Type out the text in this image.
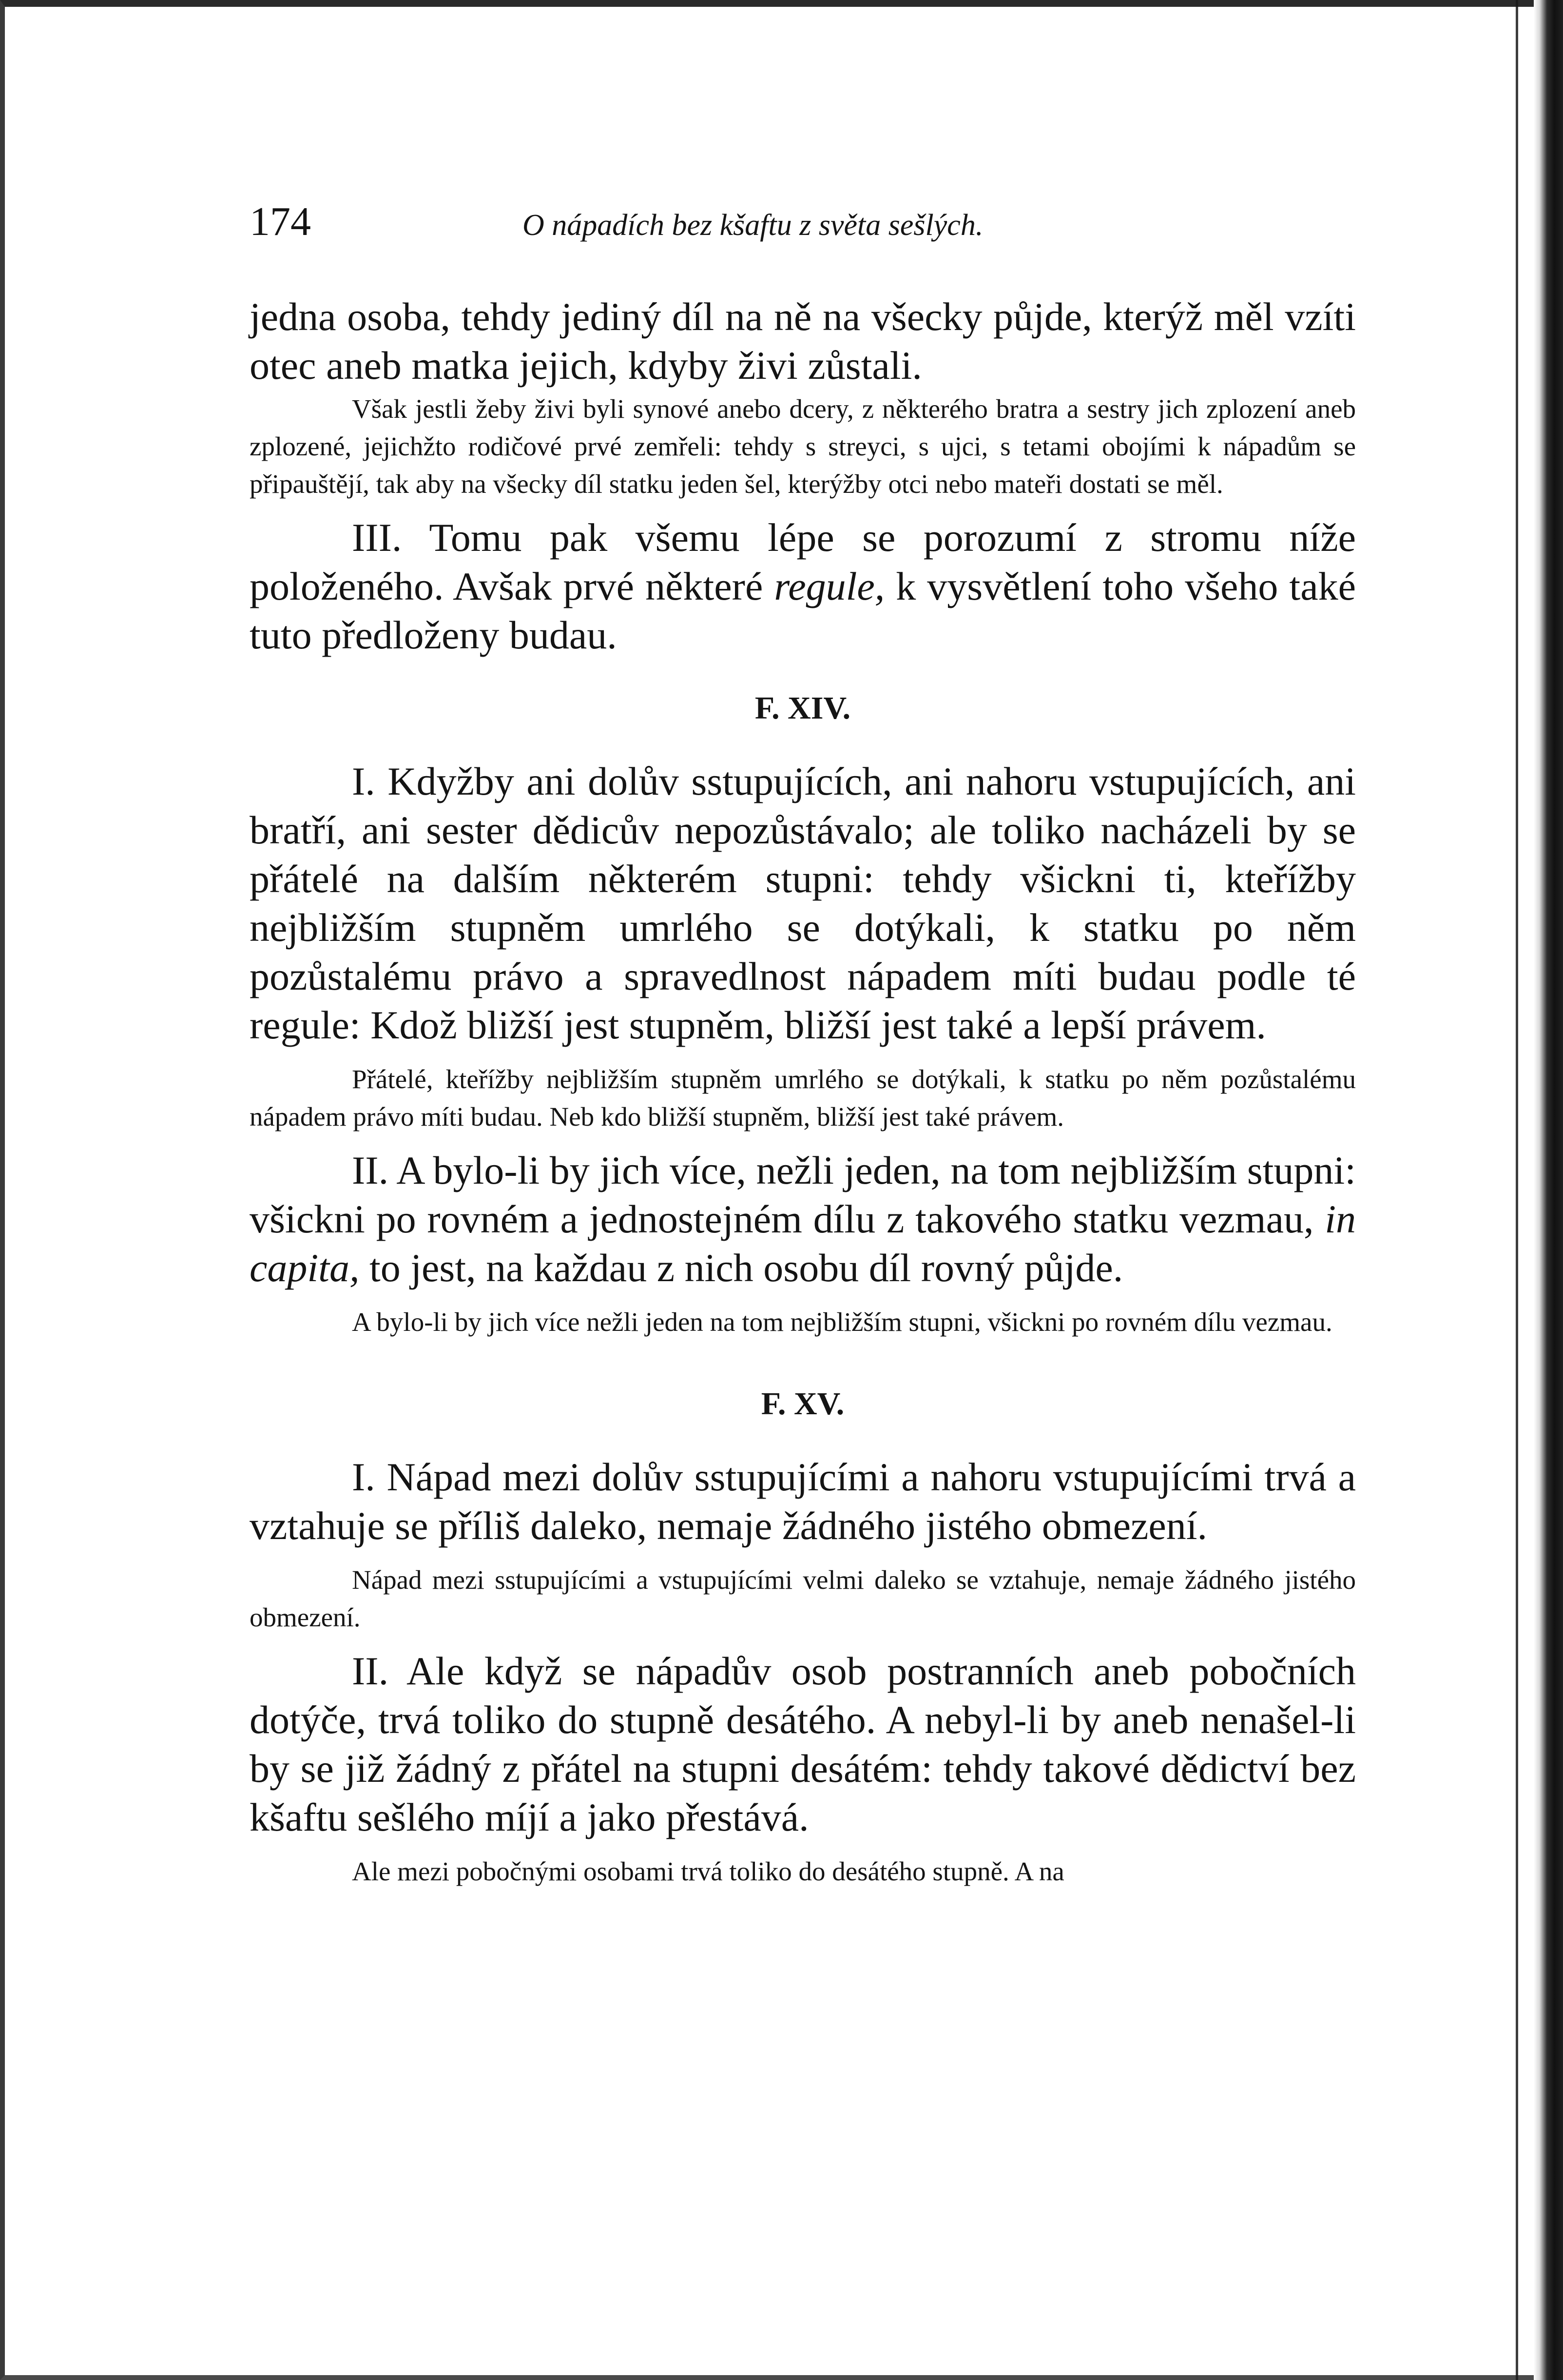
174	O nápadích bez kšaftu z světa sešlých.

jedna osoba, tehdy jediný díl na ně na všecky půjde, kterýž měl vzíti otec aneb matka jejich, kdyby živi zůstali.

Však jestli žeby živi byli synové anebo dcery, z některého bratra a sestry jich zplození aneb zplozené, jejichžto rodičové prvé zemřeli: tehdy s streyci, s ujci, s tetami obojími k nápadům se připauštějí, tak aby na všecky díl statku jeden šel, kterýžby otci nebo mateři dostati se měl.

III. Tomu pak všemu lépe se porozumí z stromu níže položeného. Avšak prvé některé regule, k vysvětlení toho všeho také tuto předloženy budau.

F. XIV.

I. Kdyžby ani dolův sstupujících, ani nahoru vstupujících, ani bratří, ani sester dědicův nepozůstávalo; ale toliko nacházeli by se přátelé na dalším některém stupni: tehdy všickni ti, kteřížby nejbližším stupněm umrlého se dotýkali, k statku po něm pozůstalému právo a spravedlnost nápadem míti budau podle té regule: Kdož bližší jest stupněm, bližší jest také a lepší právem.

Přátelé, kteřížby nejbližším stupněm umrlého se dotýkali, k statku po něm pozůstalému nápadem právo míti budau. Neb kdo bližší stupněm, bližší jest také právem.

II. A bylo-li by jich více, nežli jeden, na tom nejbližším stupni: všickni po rovném a jednostejném dílu z takového statku vezmau, in capita, to jest, na každau z nich osobu díl rovný půjde.

A bylo-li by jich více nežli jeden na tom nejbližším stupni, všickni po rovném dílu vezmau.

F. XV.

I. Nápad mezi dolův sstupujícími a nahoru vstupujícími trvá a vztahuje se příliš daleko, nemaje žádného jistého obmezení.

Nápad mezi sstupujícími a vstupujícími velmi daleko se vztahuje, nemaje žádného jistého obmezení.

II. Ale když se nápadův osob postranních aneb pobočních dotýče, trvá toliko do stupně desátého. A nebyl-li by aneb nenašel-li by se již žádný z přátel na stupni desátém: tehdy takové dědictví bez kšaftu sešlého míjí a jako přestává.

Ale mezi pobočnými osobami trvá toliko do desátého stupně. A na
